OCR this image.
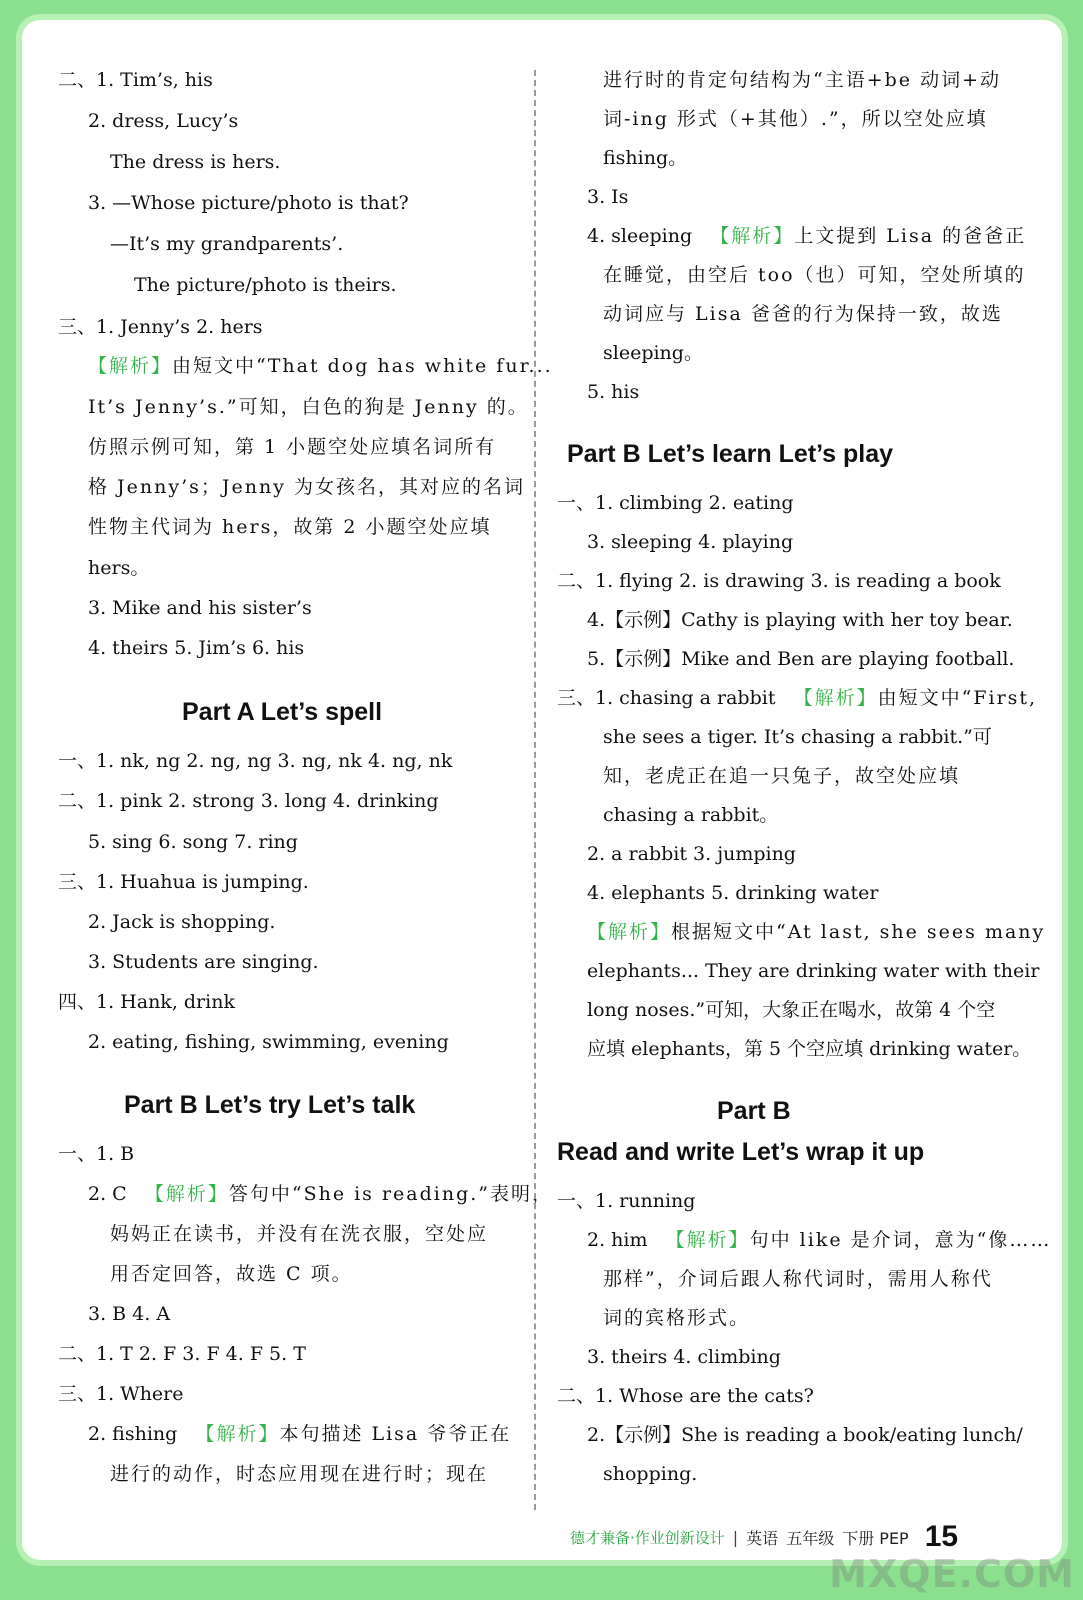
二、1. Tim’s, his
2. dress, Lucy’s
The dress is hers.
3. —Whose picture/photo is that?
—It’s my grandparents’.
The picture/photo is theirs.
三、1. Jenny’s 2. hers
【解析】由短文中“That dog has white fur...
It’s Jenny’s.”可知，白色的狗是 Jenny 的。
仿照示例可知，第 1 小题空处应填名词所有
格 Jenny’s；Jenny 为女孩名，其对应的名词
性物主代词为 hers，故第 2 小题空处应填
hers。
3. Mike and his sister’s
4. theirs 5. Jim’s 6. his
Part A Let’s spell
一、1. nk, ng 2. ng, ng 3. ng, nk 4. ng, nk
二、1. pink 2. strong 3. long 4. drinking
5. sing 6. song 7. ring
三、1. Huahua is jumping.
2. Jack is shopping.
3. Students are singing.
四、1. Hank, drink
2. eating, fishing, swimming, evening
Part B Let’s try Let’s talk
一、1. B
2. C 【解析】答句中“She is reading.”表明，
妈妈正在读书，并没有在洗衣服，空处应
用否定回答，故选 C 项。
3. B 4. A
二、1. T 2. F 3. F 4. F 5. T
三、1. Where
2. fishing 【解析】本句描述 Lisa 爷爷正在
进行的动作，时态应用现在进行时；现在
进行时的肯定句结构为“主语+be 动词+动
词-ing 形式（+其他）.”，所以空处应填
fishing。
3. Is
4. sleeping 【解析】上文提到 Lisa 的爸爸正
在睡觉，由空后 too（也）可知，空处所填的
动词应与 Lisa 爸爸的行为保持一致，故选
sleeping。
5. his
Part B Let’s learn Let’s play
一、1. climbing 2. eating
3. sleeping 4. playing
二、1. flying 2. is drawing 3. is reading a book
4.【示例】Cathy is playing with her toy bear.
5.【示例】Mike and Ben are playing football.
三、1. chasing a rabbit 【解析】由短文中“First,
she sees a tiger. It’s chasing a rabbit.”可
知，老虎正在追一只兔子，故空处应填
chasing a rabbit。
2. a rabbit 3. jumping
4. elephants 5. drinking water
【解析】根据短文中“At last, she sees many
elephants... They are drinking water with their
long noses.”可知，大象正在喝水，故第 4 个空
应填 elephants，第 5 个空应填 drinking water。
Part B
Read and write Let’s wrap it up
一、1. running
2. him 【解析】句中 like 是介词，意为“像……
那样”，介词后跟人称代词时，需用人称代
词的宾格形式。
3. theirs 4. climbing
二、1. Whose are the cats?
2.【示例】She is reading a book/eating lunch/
shopping.
德才兼备·作业创新设计 | 英语 五年级 下册 PEP 15
MXQE.COM
